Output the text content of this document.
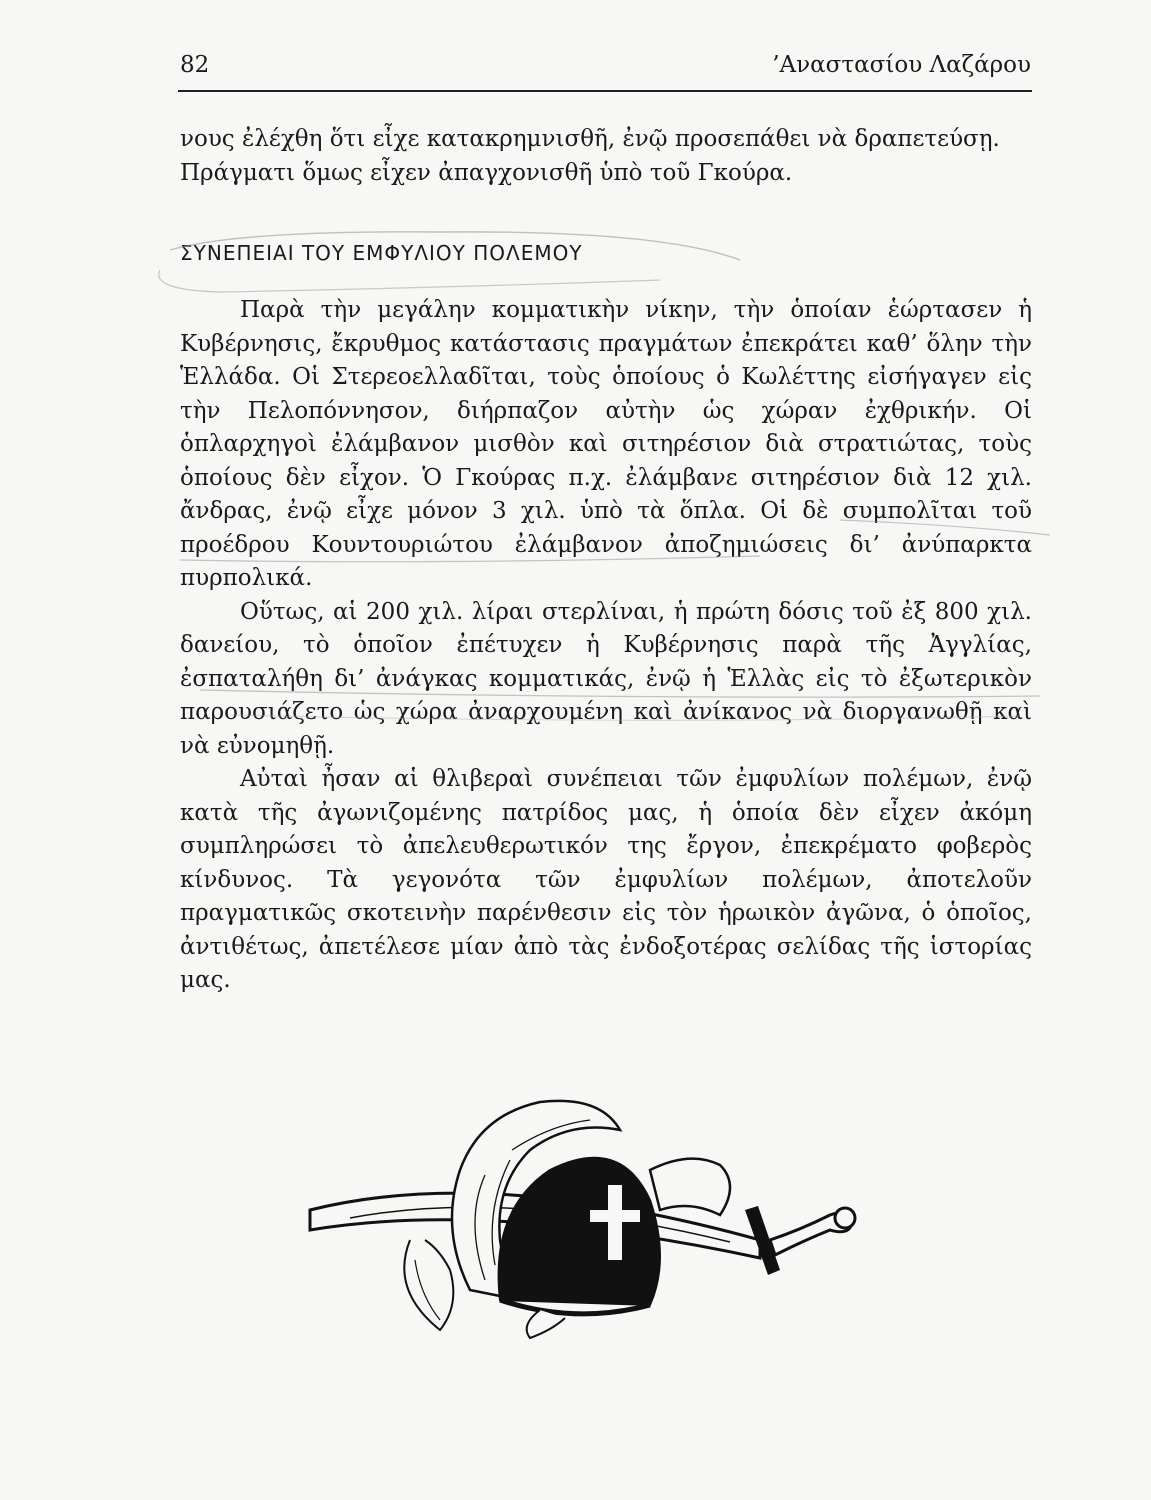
82	’Αναστασίου Λαζάρου

νους ἐλέχθη ὅτι εἶχε κατακρημνισθῆ, ἐνῷ προσεπάθει νὰ δραπετεύσῃ.

Πράγματι ὅμως εἶχεν ἀπαγχονισθῆ ὑπὸ τοῦ Γκούρα.

ΣΥΝΕΠΕΙΑΙ ΤΟΥ ΕΜΦΥΛΙΟΥ ΠΟΛΕΜΟΥ

Παρὰ τὴν μεγάλην κομματικὴν νίκην, τὴν ὁποίαν ἑώρτασεν ἡ Κυβέρνησις, ἔκρυθμος κατάστασις πραγμάτων ἐπεκράτει καθ’ ὅλην τὴν Ἑλλάδα. Οἱ Στερεοελλαδῖται, τοὺς ὁποίους ὁ Κωλέττης εἰσήγαγεν εἰς τὴν Πελοπόννησον, διήρπαζον αὐτὴν ὡς χώραν ἐχθρικήν. Οἱ ὁπλαρχηγοὶ ἐλάμβανον μισθὸν καὶ σιτηρέσιον διὰ στρατιώτας, τοὺς ὁποίους δὲν εἶχον. Ὁ Γκούρας π.χ. ἐλάμβανε σιτηρέσιον διὰ 12 χιλ. ἄνδρας, ἐνῷ εἶχε μόνον 3 χιλ. ὑπὸ τὰ ὅπλα. Οἱ δὲ συμπολῖται τοῦ προέδρου Κουντουριώτου ἐλάμβανον ἀποζημιώσεις δι’ ἀνύπαρκτα πυρπολικά.

Οὕτως, αἱ 200 χιλ. λίραι στερλίναι, ἡ πρώτη δόσις τοῦ ἐξ 800 χιλ. δανείου, τὸ ὁποῖον ἐπέτυχεν ἡ Κυβέρνησις παρὰ τῆς Ἀγγλίας, ἐσπαταλήθη δι’ ἀνάγκας κομματικάς, ἐνῷ ἡ Ἑλλὰς εἰς τὸ ἐξωτερικὸν παρουσιάζετο ὡς χώρα ἀναρχουμένη καὶ ἀνίκανος νὰ διοργανωθῇ καὶ νὰ εὐνομηθῇ.

Αὐταὶ ἦσαν αἱ θλιβεραὶ συνέπειαι τῶν ἐμφυλίων πολέμων, ἐνῷ κατὰ τῆς ἀγωνιζομένης πατρίδος μας, ἡ ὁποία δὲν εἶχεν ἀκόμη συμπληρώσει τὸ ἀπελευθερωτικόν της ἔργον, ἐπεκρέματο φοβερὸς κίνδυνος. Τὰ γεγονότα τῶν ἐμφυλίων πολέμων, ἀποτελοῦν πραγματικῶς σκοτεινὴν παρένθεσιν εἰς τὸν ἡρωικὸν ἀγῶνα, ὁ ὁποῖος, ἀντιθέτως, ἀπετέλεσε μίαν ἀπὸ τὰς ἐνδοξοτέρας σελίδας τῆς ἱστορίας μας.
